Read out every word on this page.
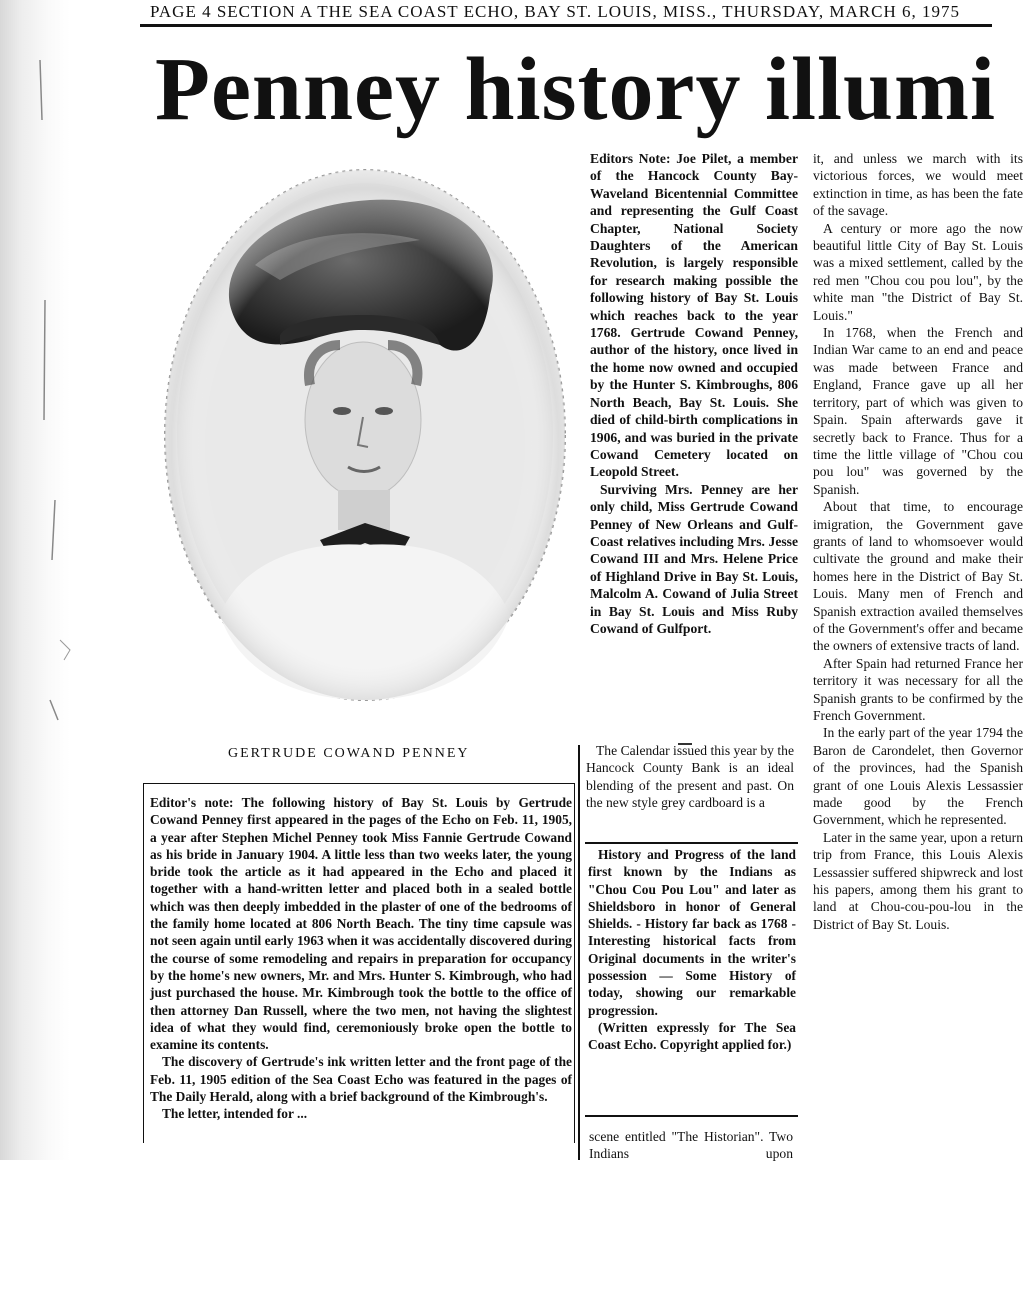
PAGE 4 SECTION A THE SEA COAST ECHO, BAY ST. LOUIS, MISS., THURSDAY, MARCH 6, 1975
Penney history illumi
GERTRUDE COWAND PENNEY

Editor's note: The following history of Bay St. Louis by Gertrude Cowand Penney first appeared in the pages of the Echo on Feb. 11, 1905, a year after Stephen Michel Penney took Miss Fannie Gertrude Cowand as his bride in January 1904. A little less than two weeks later, the young bride took the article as it had appeared in the Echo and placed it together with a hand-written letter and placed both in a sealed bottle which was then deeply imbedded in the plaster of one of the bedrooms of the family home located at 806 North Beach. The tiny time capsule was not seen again until early 1963 when it was accidentally discovered during the course of some remodeling and repairs in preparation for occupancy by the home's new owners, Mr. and Mrs. Hunter S. Kimbrough, who had just purchased the house. Mr. Kimbrough took the bottle to the office of then attorney Dan Russell, where the two men, not having the slightest idea of what they would find, ceremoniously broke open the bottle to examine its contents.

The discovery of Gertrude's ink written letter and the front page of the Feb. 11, 1905 edition of the Sea Coast Echo was featured in the pages of The Daily Herald, along with a brief background of the Kimbrough's.

The letter, intended for ...

Editors Note: Joe Pilet, a member of the Hancock County Bay-Waveland Bicentennial Committee and representing the Gulf Coast Chapter, National Society Daughters of the American Revolution, is largely responsible for research making possible the following history of Bay St. Louis which reaches back to the year 1768. Gertrude Cowand Penney, author of the history, once lived in the home now owned and occupied by the Hunter S. Kimbroughs, 806 North Beach, Bay St. Louis. She died of child-birth complications in 1906, and was buried in the private Cowand Cemetery located on Leopold Street.

Surviving Mrs. Penney are her only child, Miss Gertrude Cowand Penney of New Orleans and Gulf-Coast relatives including Mrs. Jesse Cowand III and Mrs. Helene Price of Highland Drive in Bay St. Louis, Malcolm A. Cowand of Julia Street in Bay St. Louis and Miss Ruby Cowand of Gulfport.

The Calendar issued this year by the Hancock County Bank is an ideal blending of the present and past. On the new style grey cardboard is a

History and Progress of the land first known by the Indians as "Chou Cou Pou Lou" and later as Shieldsboro in honor of General Shields. - History far back as 1768 - Interesting historical facts from Original documents in the writer's possession — Some History of today, showing our remarkable progression.

(Written expressly for The Sea Coast Echo. Copyright applied for.)

scene entitled "The Historian". Two Indians upon

it, and unless we march with its victorious forces, we would meet extinction in time, as has been the fate of the savage.

A century or more ago the now beautiful little City of Bay St. Louis was a mixed settlement, called by the red men "Chou cou pou lou", by the white man "the District of Bay St. Louis."

In 1768, when the French and Indian War came to an end and peace was made between France and England, France gave up all her territory, part of which was given to Spain. Spain afterwards gave it secretly back to France. Thus for a time the little village of "Chou cou pou lou" was governed by the Spanish.

About that time, to encourage imigration, the Government gave grants of land to whomsoever would cultivate the ground and make their homes here in the District of Bay St. Louis. Many men of French and Spanish extraction availed themselves of the Government's offer and became the owners of extensive tracts of land.

After Spain had returned France her territory it was necessary for all the Spanish grants to be confirmed by the French Government.

In the early part of the year 1794 the Baron de Carondelet, then Governor of the provinces, had the Spanish grant of one Louis Alexis Lessassier made good by the French Government, which he represented.

Later in the same year, upon a return trip from France, this Louis Alexis Lessassier suffered shipwreck and lost his papers, among them his grant to land at Chou-cou-pou-lou in the District of Bay St. Louis.
